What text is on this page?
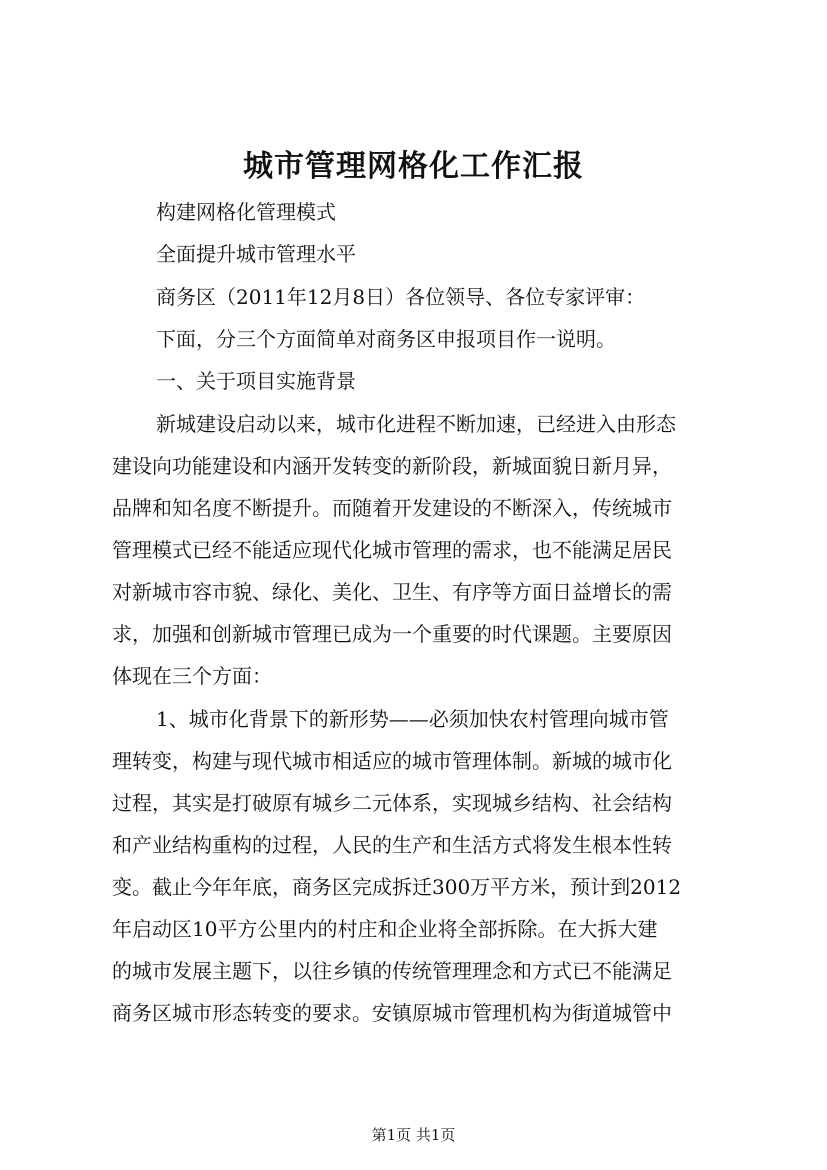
城市管理网格化工作汇报
构建网格化管理模式
全面提升城市管理水平
商务区（2011年12月8日）各位领导、各位专家评审：
下面，分三个方面简单对商务区申报项目作一说明。
一、关于项目实施背景
新城建设启动以来，城市化进程不断加速，已经进入由形态
建设向功能建设和内涵开发转变的新阶段，新城面貌日新月异，
品牌和知名度不断提升。而随着开发建设的不断深入，传统城市
管理模式已经不能适应现代化城市管理的需求，也不能满足居民
对新城市容市貌、绿化、美化、卫生、有序等方面日益增长的需
求，加强和创新城市管理已成为一个重要的时代课题。主要原因
体现在三个方面：
1、城市化背景下的新形势——必须加快农村管理向城市管
理转变，构建与现代城市相适应的城市管理体制。新城的城市化
过程，其实是打破原有城乡二元体系，实现城乡结构、社会结构
和产业结构重构的过程，人民的生产和生活方式将发生根本性转
变。截止今年年底，商务区完成拆迁300万平方米，预计到2012
年启动区10平方公里内的村庄和企业将全部拆除。在大拆大建
的城市发展主题下，以往乡镇的传统管理理念和方式已不能满足
商务区城市形态转变的要求。安镇原城市管理机构为街道城管中
第1页 共1页
